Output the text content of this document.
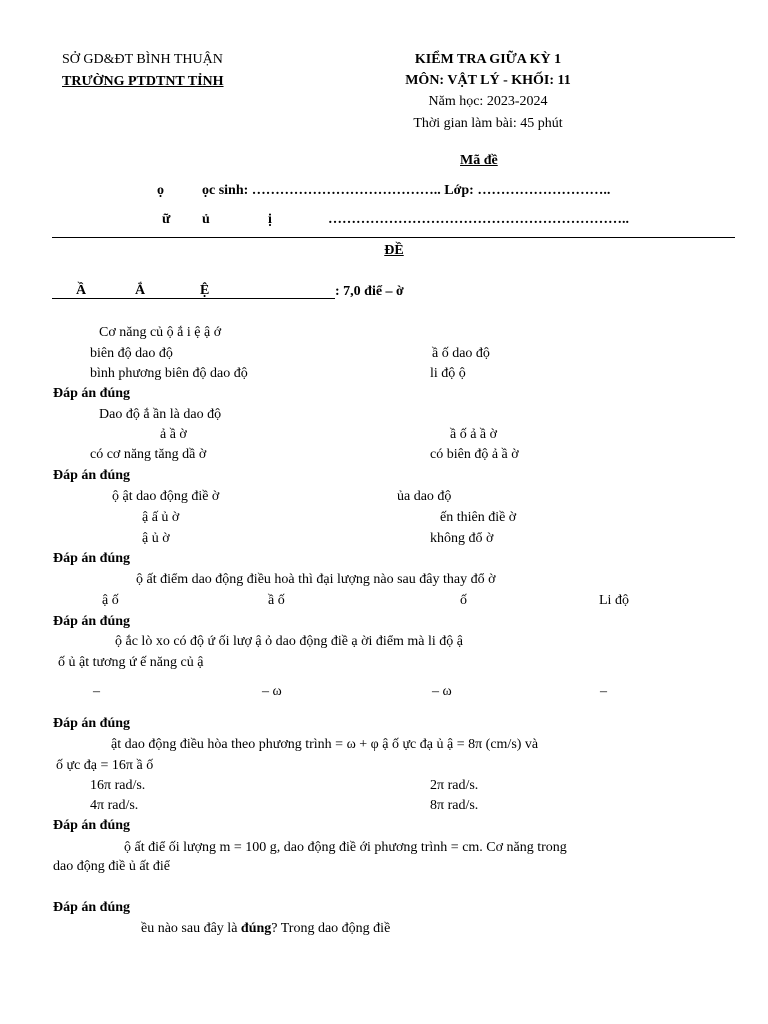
SỞ GD&ĐT BÌNH THUẬN
TRƯỜNG PTDTNT TỈNH
KIỂM TRA GIỮA KỲ 1
MÔN: VẬT LÝ - KHỐI: 11
Năm học: 2023-2024
Thời gian làm bài: 45 phút
Mã đề
ọ	ọc sinh: ………………………………….. Lớp: ………………………..
ữ ủ	ị	………………………………………………………..
ĐỀ
Ầ	Ắ	Ệ	: 7,0 điể – ờ
Cơ năng củ ộ ắ i ệ ậ ớ
biên độ dao độ	ầ ố dao độ
bình phương biên độ dao độ	li độ ộ
Đáp án đúng
Dao độ ắ ần là dao độ
ả ầ ờ	ầ ố ả ầ ờ
có cơ năng tăng dầ ờ	có biên độ ả ầ ờ
Đáp án đúng
ộ ật dao động điề ờ	ủa dao độ
ậ ấ ủ ờ	ến thiên điề ờ
ậ ủ ờ	không đổ ờ
Đáp án đúng
ộ ất điểm dao động điều hoà thì đại lượng nào sau đây thay đổ ờ
ậ ố	ầ ố	ố	Li độ
Đáp án đúng
ộ ắc lò xo có độ ứ ối lượ ậ ỏ dao động điề ạ ời điểm mà li độ ậ
ố ủ ật tương ứ ế năng củ ậ
–	– ω	– ω	–
Đáp án đúng
ật dao động điều hòa theo phương trình = ω + φ ậ ố ực đạ ủ ậ = 8π (cm/s) và
ố ực đạ = 16π ầ ố
16π rad/s.	2π rad/s.
4π rad/s.	8π rad/s.
Đáp án đúng
ộ ất điể ối lượng m = 100 g, dao động điề ới phương trình = cm. Cơ năng trong
dao động điề ủ ất điể
Đáp án đúng
ều nào sau đây là đúng? Trong dao động điề
